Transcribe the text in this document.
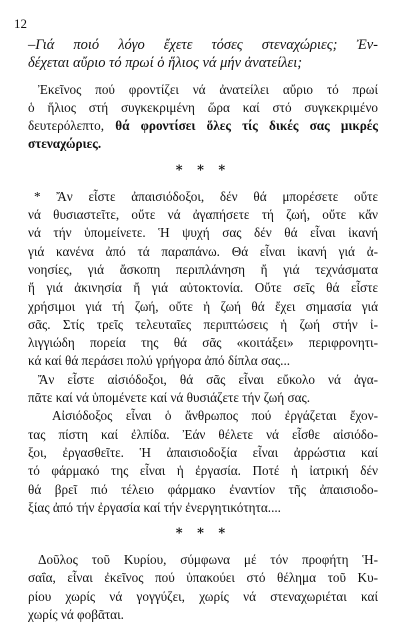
12
–Γιά ποιό λόγο ἔχετε τόσες στεναχώριες; Ἐν-
δέχεται αὔριο τό πρωί ὁ ἥλιος νά μήν ἀνατείλει;
Ἐκεῖνος πού φροντίζει νά ἀνατείλει αὔριο τό πρωί
ὁ ἥλιος στή συγκεκριμένη ὥρα καί στό συγκεκριμένο
δευτερόλεπτο, θά φροντίσει ὅλες τίς δικές σας μικρές
στεναχώριες.
* * *
* Ἄν εἶστε ἀπαισιόδοξοι, δέν θά μπορέσετε οὔτε
νά θυσιαστεῖτε, οὔτε νά ἀγαπήσετε τή ζωή, οὔτε κἄν
νά τήν ὑπομείνετε. Ἡ ψυχή σας δέν θά εἶναι ἱκανή
γιά κανένα ἀπό τά παραπάνω. Θά εἶναι ἱκανή γιά ἀ-
νοησίες, γιά ἄσκοπη περιπλάνηση ἤ γιά τεχνάσματα
ἤ γιά ἀκινησία ἤ γιά αὐτοκτονία. Οὔτε σεῖς θά εἶστε
χρήσιμοι γιά τή ζωή, οὔτε ἡ ζωή θά ἔχει σημασία γιά
σᾶς. Στίς τρεῖς τελευταῖες περιπτώσεις ἡ ζωή στήν ἰ-
λιγγιώδη πορεία της θά σᾶς «κοιτάξει» περιφρονητι-
κά καί θά περάσει πολύ γρήγορα ἀπό δίπλα σας...
Ἄν εἶστε αἰσιόδοξοι, θά σᾶς εἶναι εὔκολο νά ἀγα-
πᾶτε καί νά ὑπομένετε καί νά θυσιάζετε τήν ζωή σας.
Αἰσιόδοξος εἶναι ὁ ἄνθρωπος πού ἐργάζεται ἔχον-
τας πίστη καί ἐλπίδα. Ἐάν θέλετε νά εἶσθε αἰσιόδο-
ξοι, ἐργασθεῖτε. Ἡ ἀπαισιοδοξία εἶναι ἀρρώστια καί
τό φάρμακό της εἶναι ἡ ἐργασία. Ποτέ ἡ ἰατρική δέν
θά βρεῖ πιό τέλειο φάρμακο ἐναντίον τῆς ἀπαισιοδο-
ξίας ἀπό τήν ἐργασία καί τήν ἐνεργητικότητα....
* * *
Δοῦλος τοῦ Κυρίου, σύμφωνα μέ τόν προφήτη Ἡ-
σαΐα, εἶναι ἐκεῖνος πού ὑπακούει στό θέλημα τοῦ Κυ-
ρίου χωρίς νά γογγύζει, χωρίς νά στεναχωριέται καί
χωρίς νά φοβᾶται.
